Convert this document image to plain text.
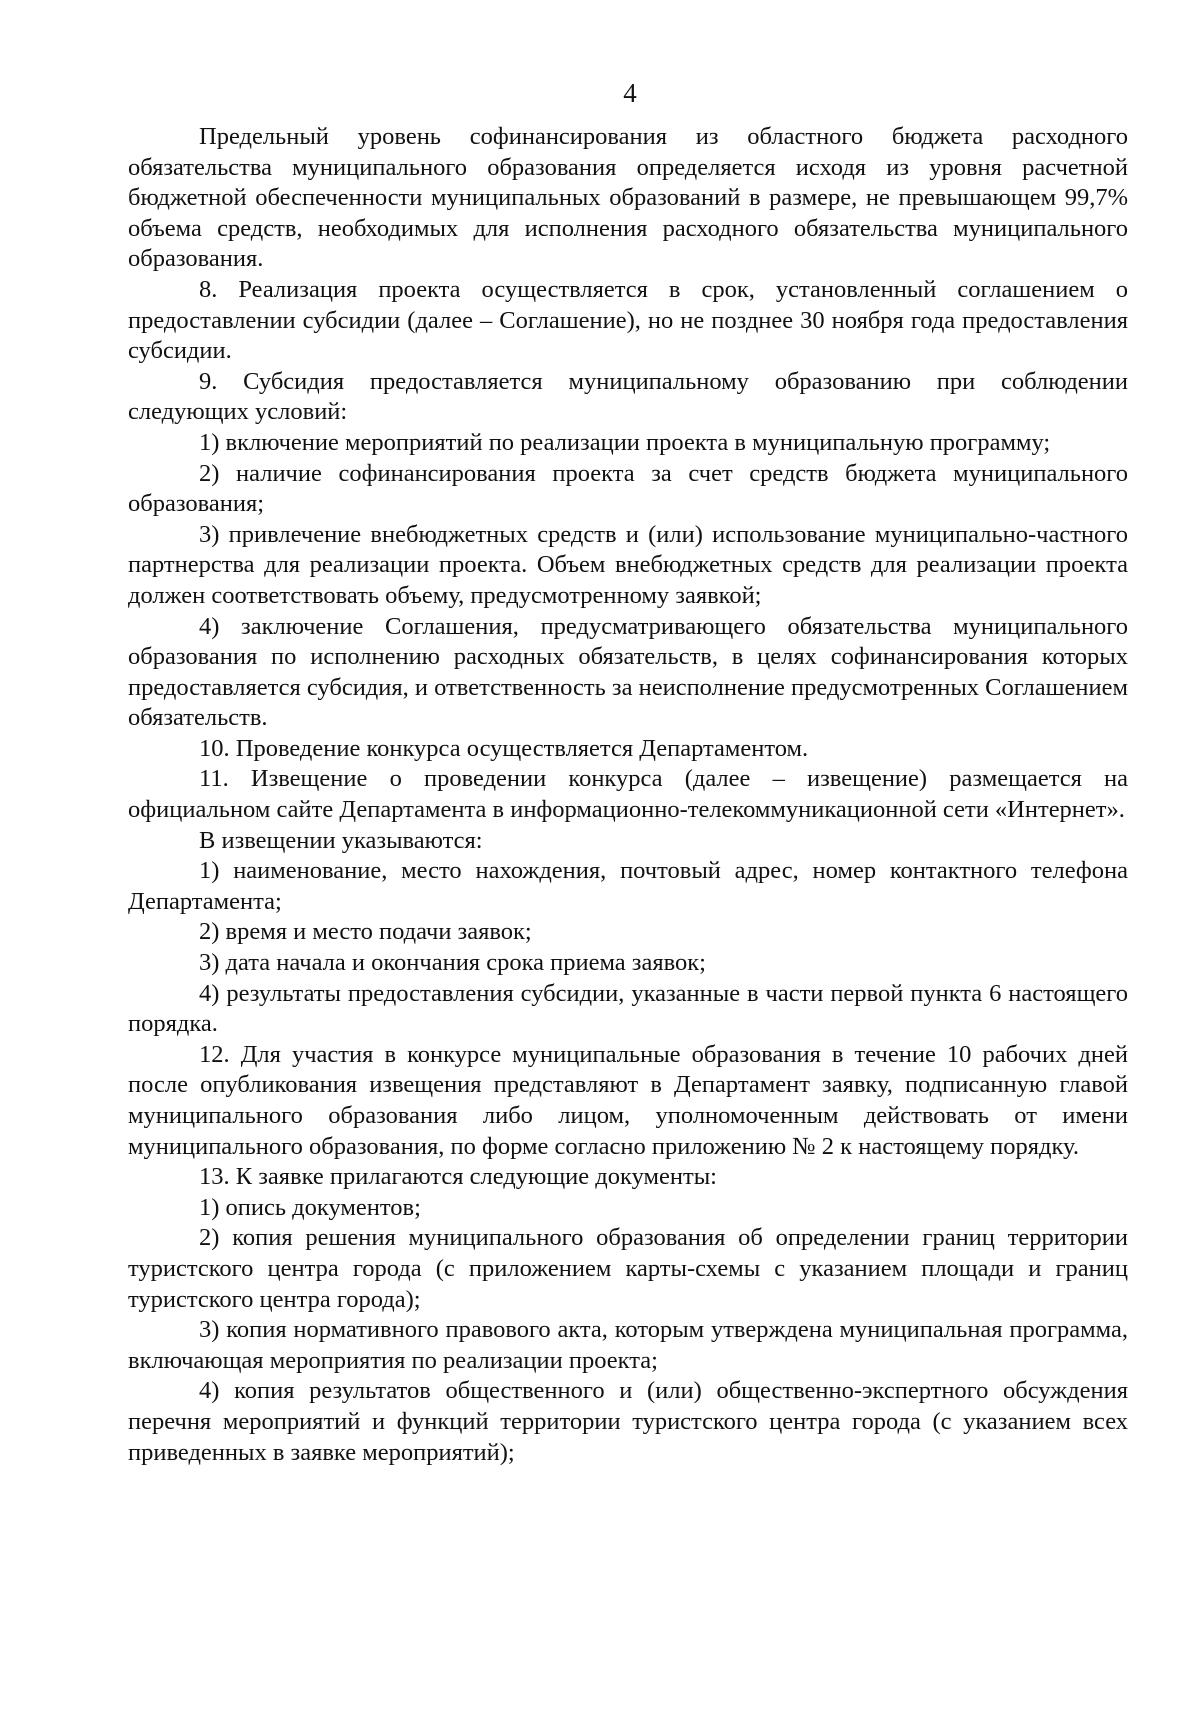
4

Предельный уровень софинансирования из областного бюджета расходного обязательства муниципального образования определяется исходя из уровня расчетной бюджетной обеспеченности муниципальных образований в размере, не превышающем 99,7% объема средств, необходимых для исполнения расходного обязательства муниципального образования.

8. Реализация проекта осуществляется в срок, установленный соглашением о предоставлении субсидии (далее – Соглашение), но не позднее 30 ноября года предоставления субсидии.

9. Субсидия предоставляется муниципальному образованию при соблюдении следующих условий:

1) включение мероприятий по реализации проекта в муниципальную программу;

2) наличие софинансирования проекта за счет средств бюджета муниципального образования;

3) привлечение внебюджетных средств и (или) использование муниципально-частного партнерства для реализации проекта. Объем внебюджетных средств для реализации проекта должен соответствовать объему, предусмотренному заявкой;

4) заключение Соглашения, предусматривающего обязательства муниципального образования по исполнению расходных обязательств, в целях софинансирования которых предоставляется субсидия, и ответственность за неисполнение предусмотренных Соглашением обязательств.

10. Проведение конкурса осуществляется Департаментом.

11. Извещение о проведении конкурса (далее – извещение) размещается на официальном сайте Департамента в информационно-телекоммуникационной сети «Интернет».

В извещении указываются:

1) наименование, место нахождения, почтовый адрес, номер контактного телефона Департамента;

2) время и место подачи заявок;

3) дата начала и окончания срока приема заявок;

4) результаты предоставления субсидии, указанные в части первой пункта 6 настоящего порядка.

12. Для участия в конкурсе муниципальные образования в течение 10 рабочих дней после опубликования извещения представляют в Департамент заявку, подписанную главой муниципального образования либо лицом, уполномоченным действовать от имени муниципального образования, по форме согласно приложению № 2 к настоящему порядку.

13. К заявке прилагаются следующие документы:

1) опись документов;

2) копия решения муниципального образования об определении границ территории туристского центра города (с приложением карты-схемы с указанием площади и границ туристского центра города);

3) копия нормативного правового акта, которым утверждена муниципальная программа, включающая мероприятия по реализации проекта;

4) копия результатов общественного и (или) общественно-экспертного обсуждения перечня мероприятий и функций территории туристского центра города (с указанием всех приведенных в заявке мероприятий);
